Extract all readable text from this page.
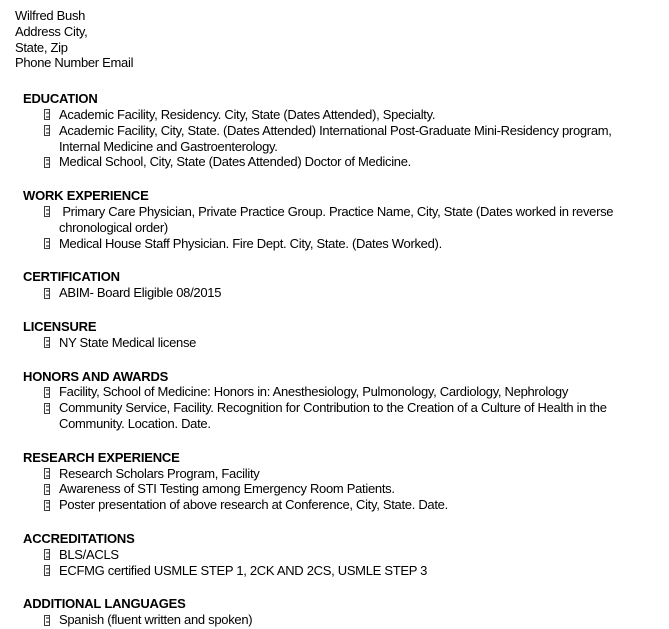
Wilfred Bush
Address City,
State, Zip
Phone Number Email
EDUCATION
Academic Facility, Residency. City, State (Dates Attended), Specialty.
Academic Facility, City, State. (Dates Attended) International Post-Graduate Mini-Residency program, Internal Medicine and Gastroenterology.
Medical School, City, State (Dates Attended) Doctor of Medicine.
WORK EXPERIENCE
Primary Care Physician, Private Practice Group. Practice Name, City, State (Dates worked in reverse chronological order)
Medical House Staff Physician. Fire Dept. City, State. (Dates Worked).
CERTIFICATION
ABIM- Board Eligible 08/2015
LICENSURE
NY State Medical license
HONORS AND AWARDS
Facility, School of Medicine: Honors in: Anesthesiology, Pulmonology, Cardiology, Nephrology
Community Service, Facility. Recognition for Contribution to the Creation of a Culture of Health in the Community. Location. Date.
RESEARCH EXPERIENCE
Research Scholars Program, Facility
Awareness of STI Testing among Emergency Room Patients.
Poster presentation of above research at Conference, City, State. Date.
ACCREDITATIONS
BLS/ACLS
ECFMG certified USMLE STEP 1, 2CK AND 2CS, USMLE STEP 3
ADDITIONAL LANGUAGES
Spanish (fluent written and spoken)
